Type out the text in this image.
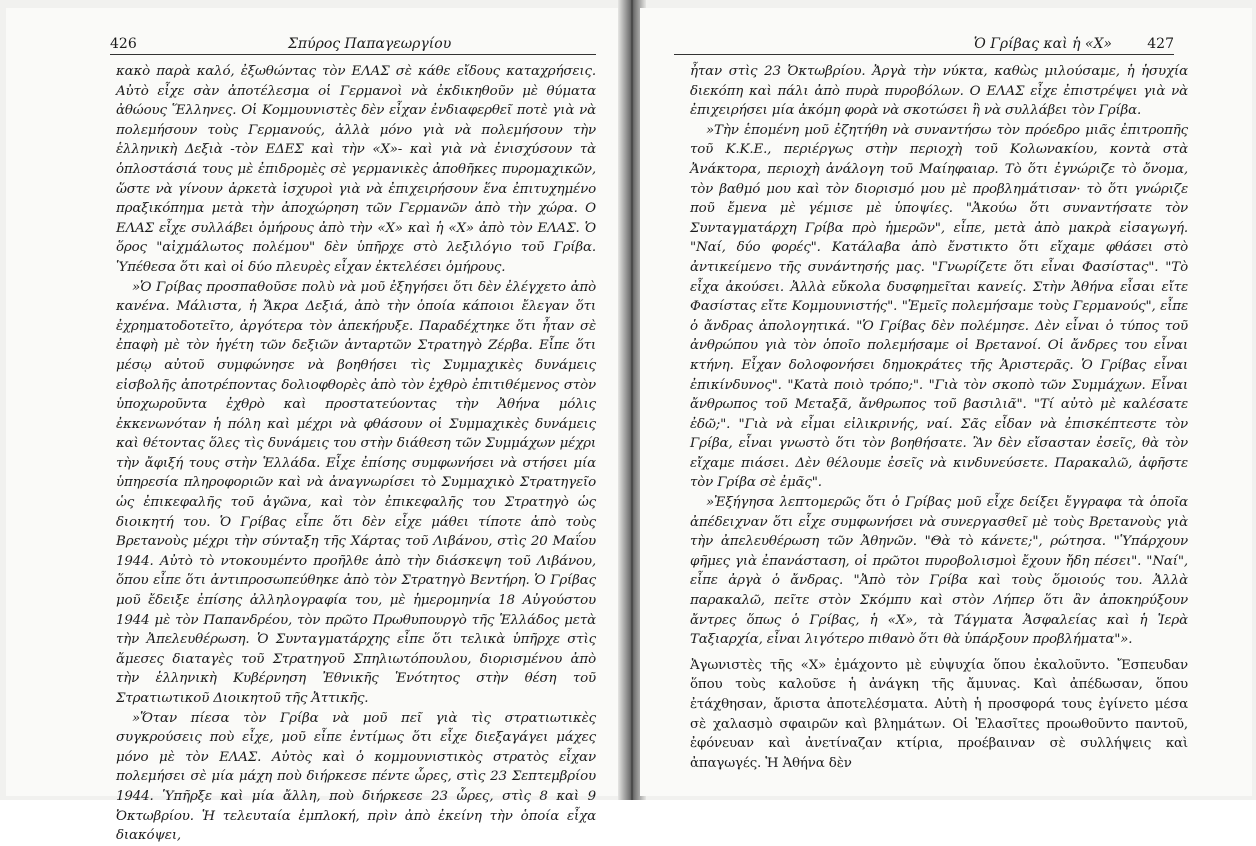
426	Σπύρος Παπαγεωργίου

κακὸ παρὰ καλό, ἐξωθώντας τὸν ΕΛΑΣ σὲ κάθε εἴδους καταχρήσεις. Αὐτὸ εἶχε σὰν ἀποτέλεσμα οἱ Γερμανοὶ νὰ ἐκδικηθοῦν μὲ θύματα ἀθώους Ἕλληνες. Οἱ Κομμουνιστὲς δὲν εἶχαν ἐνδιαφερθεῖ ποτὲ γιὰ νὰ πολεμήσουν τοὺς Γερμανούς, ἀλλὰ μόνο γιὰ νὰ πολεμήσουν τὴν ἑλληνικὴ Δεξιὰ -τὸν ΕΔΕΣ καὶ τὴν «Χ»- καὶ γιὰ νὰ ἐνισχύσουν τὰ ὁπλοστάσιά τους μὲ ἐπιδρομὲς σὲ γερμανικὲς ἀποθῆκες πυρομαχικῶν, ὥστε νὰ γίνουν ἀρκετὰ ἰσχυροὶ γιὰ νὰ ἐπιχειρήσουν ἕνα ἐπιτυχημένο πραξικόπημα μετὰ τὴν ἀποχώρηση τῶν Γερμανῶν ἀπὸ τὴν χώρα. Ο ΕΛΑΣ εἶχε συλλάβει ὁμήρους ἀπὸ τὴν «Χ» καὶ ἡ «Χ» ἀπὸ τὸν ΕΛΑΣ. Ὁ ὅρος "αἰχμάλωτος πολέμου" δὲν ὑπῆρχε στὸ λεξιλόγιο τοῦ Γρίβα. Ὑπέθεσα ὅτι καὶ οἱ δύο πλευρὲς εἶχαν ἐκτελέσει ὁμήρους.

»Ὁ Γρίβας προσπαθοῦσε πολὺ νὰ μοῦ ἐξηγήσει ὅτι δὲν ἐλέγχετο ἀπὸ κανένα. Μάλιστα, ἡ Ἄκρα Δεξιά, ἀπὸ τὴν ὁποία κάποιοι ἔλεγαν ὅτι ἐχρηματοδοτεῖτο, ἀργότερα τὸν ἀπεκήρυξε. Παραδέχτηκε ὅτι ἦταν σὲ ἐπαφὴ μὲ τὸν ἡγέτη τῶν δεξιῶν ἀνταρτῶν Στρατηγὸ Ζέρβα. Εἶπε ὅτι μέσῳ αὐτοῦ συμφώνησε νὰ βοηθήσει τὶς Συμμαχικὲς δυνάμεις εἰσβολῆς ἀποτρέποντας δολιοφθορὲς ἀπὸ τὸν ἐχθρὸ ἐπιτιθέμενος στὸν ὑποχωροῦντα ἐχθρὸ καὶ προστατεύοντας τὴν Ἀθήνα μόλις ἐκκενωνόταν ἡ πόλη καὶ μέχρι νὰ φθάσουν οἱ Συμμαχικὲς δυνάμεις καὶ θέτοντας ὅλες τὶς δυνάμεις του στὴν διάθεση τῶν Συμμάχων μέχρι τὴν ἄφιξή τους στὴν Ἑλλάδα. Εἶχε ἐπίσης συμφωνήσει νὰ στήσει μία ὑπηρεσία πληροφοριῶν καὶ νὰ ἀναγνωρίσει τὸ Συμμαχικὸ Στρατηγεῖο ὡς ἐπικεφαλῆς τοῦ ἀγῶνα, καὶ τὸν ἐπικεφαλῆς του Στρατηγὸ ὡς διοικητή του. Ὁ Γρίβας εἶπε ὅτι δὲν εἶχε μάθει τίποτε ἀπὸ τοὺς Βρετανοὺς μέχρι τὴν σύνταξη τῆς Χάρτας τοῦ Λιβάνου, στὶς 20 Μαΐου 1944. Αὐτὸ τὸ ντοκουμέντο προῆλθε ἀπὸ τὴν διάσκεψη τοῦ Λιβάνου, ὅπου εἶπε ὅτι ἀντιπροσωπεύθηκε ἀπὸ τὸν Στρατηγὸ Βεντήρη. Ὁ Γρίβας μοῦ ἔδειξε ἐπίσης ἀλληλογραφία του, μὲ ἡμερομηνία 18 Αὐγούστου 1944 μὲ τὸν Παπανδρέου, τὸν πρῶτο Πρωθυπουργὸ τῆς Ἑλλάδος μετὰ τὴν Ἀπελευθέρωση. Ὁ Συνταγματάρχης εἶπε ὅτι τελικὰ ὑπῆρχε στὶς ἄμεσες διαταγὲς τοῦ Στρατηγοῦ Σπηλιωτόπουλου, διορισμένου ἀπὸ τὴν ἑλληνικὴ Κυβέρνηση Ἐθνικῆς Ἑνότητος στὴν θέση τοῦ Στρατιωτικοῦ Διοικητοῦ τῆς Ἀττικῆς.

»Ὅταν πίεσα τὸν Γρίβα νὰ μοῦ πεῖ γιὰ τὶς στρατιωτικὲς συγκρούσεις ποὺ εἶχε, μοῦ εἶπε ἐντίμως ὅτι εἶχε διεξαγάγει μάχες μόνο μὲ τὸν ΕΛΑΣ. Αὐτὸς καὶ ὁ κομμουνιστικὸς στρατὸς εἶχαν πολεμήσει σὲ μία μάχη ποὺ διήρκεσε πέντε ὧρες, στὶς 23 Σεπτεμβρίου 1944. Ὑπῆρξε καὶ μία ἄλλη, ποὺ διήρκεσε 23 ὧρες, στὶς 8 καὶ 9 Ὀκτωβρίου. Ἡ τελευταία ἐμπλοκή, πρὶν ἀπὸ ἐκείνη τὴν ὁποία εἶχα διακόψει,

Ὁ Γρίβας καὶ ἡ «Χ»	427

ἦταν στὶς 23 Ὀκτωβρίου. Ἀργὰ τὴν νύκτα, καθὼς μιλούσαμε, ἡ ἡσυχία διεκόπη καὶ πάλι ἀπὸ πυρὰ πυροβόλων. Ο ΕΛΑΣ εἶχε ἐπιστρέψει γιὰ νὰ ἐπιχειρήσει μία ἀκόμη φορὰ νὰ σκοτώσει ἢ νὰ συλλάβει τὸν Γρίβα.

»Τὴν ἑπομένη μοῦ ἐζητήθη νὰ συναντήσω τὸν πρόεδρο μιᾶς ἐπιτροπῆς τοῦ Κ.Κ.Ε., περιέργως στὴν περιοχὴ τοῦ Κολωνακίου, κοντὰ στὰ Ἀνάκτορα, περιοχὴ ἀνάλογη τοῦ Μαίηφαιαρ. Τὸ ὅτι ἐγνώριζε τὸ ὄνομα, τὸν βαθμό μου καὶ τὸν διορισμό μου μὲ προβλημάτισαν· τὸ ὅτι γνώριζε ποῦ ἔμενα μὲ γέμισε μὲ ὑποψίες. "Ἀκούω ὅτι συναντήσατε τὸν Συνταγματάρχη Γρίβα πρὸ ἡμερῶν", εἶπε, μετὰ ἀπὸ μακρὰ εἰσαγωγή. "Ναί, δύο φορές". Κατάλαβα ἀπὸ ἔνστικτο ὅτι εἴχαμε φθάσει στὸ ἀντικείμενο τῆς συνάντησής μας. "Γνωρίζετε ὅτι εἶναι Φασίστας". "Τὸ εἶχα ἀκούσει. Ἀλλὰ εὔκολα δυσφημεῖται κανείς. Στὴν Ἀθήνα εἶσαι εἴτε Φασίστας εἴτε Κομμουνιστής". "Ἐμεῖς πολεμήσαμε τοὺς Γερμανούς", εἶπε ὁ ἄνδρας ἀπολογητικά. "Ὁ Γρίβας δὲν πολέμησε. Δὲν εἶναι ὁ τύπος τοῦ ἀνθρώπου γιὰ τὸν ὁποῖο πολεμήσαμε οἱ Βρετανοί. Οἱ ἄνδρες του εἶναι κτήνη. Εἶχαν δολοφονήσει δημοκράτες τῆς Ἀριστερᾶς. Ὁ Γρίβας εἶναι ἐπικίνδυνος". "Κατὰ ποιὸ τρόπο;". "Γιὰ τὸν σκοπὸ τῶν Συμμάχων. Εἶναι ἄνθρωπος τοῦ Μεταξᾶ, ἄνθρωπος τοῦ βασιλιᾶ". "Τί αὐτὸ μὲ καλέσατε ἐδῶ;". "Γιὰ νὰ εἶμαι εἰλικρινής, ναί. Σᾶς εἶδαν νὰ ἐπισκέπτεστε τὸν Γρίβα, εἶναι γνωστὸ ὅτι τὸν βοηθήσατε. Ἂν δὲν εἴσασταν ἐσεῖς, θὰ τὸν εἴχαμε πιάσει. Δὲν θέλουμε ἐσεῖς νὰ κινδυνεύσετε. Παρακαλῶ, ἀφῆστε τὸν Γρίβα σὲ ἐμᾶς".

»Ἐξήγησα λεπτομερῶς ὅτι ὁ Γρίβας μοῦ εἶχε δείξει ἔγγραφα τὰ ὁποῖα ἀπέδειχναν ὅτι εἶχε συμφωνήσει νὰ συνεργασθεῖ μὲ τοὺς Βρετανοὺς γιὰ τὴν ἀπελευθέρωση τῶν Ἀθηνῶν. "Θὰ τὸ κάνετε;", ρώτησα. "Ὑπάρχουν φῆμες γιὰ ἐπανάσταση, οἱ πρῶτοι πυροβολισμοὶ ἔχουν ἤδη πέσει". "Ναί", εἶπε ἀργὰ ὁ ἄνδρας. "Ἀπὸ τὸν Γρίβα καὶ τοὺς ὅμοιούς του. Ἀλλὰ παρακαλῶ, πεῖτε στὸν Σκόμπυ καὶ στὸν Λήπερ ὅτι ἂν ἀποκηρύξουν ἄντρες ὅπως ὁ Γρίβας, ἡ «Χ», τὰ Τάγματα Ἀσφαλείας καὶ ἡ Ἱερὰ Ταξιαρχία, εἶναι λιγότερο πιθανὸ ὅτι θὰ ὑπάρξουν προβλήματα"».

Ἀγωνιστὲς τῆς «Χ» ἐμάχοντο μὲ εὐψυχία ὅπου ἐκαλοῦντο. Ἔσπευδαν ὅπου τοὺς καλοῦσε ἡ ἀνάγκη τῆς ἄμυνας. Καὶ ἀπέδωσαν, ὅπου ἐτάχθησαν, ἄριστα ἀποτελέσματα. Αὐτὴ ἡ προσφορά τους ἐγίνετο μέσα σὲ χαλασμὸ σφαιρῶν καὶ βλημάτων. Οἱ Ἐλασῖτες προωθοῦντο παντοῦ, ἐφόνευαν καὶ ἀνετίναζαν κτίρια, προέβαιναν σὲ συλλήψεις καὶ ἀπαγωγές. Ἡ Ἀθήνα δὲν
